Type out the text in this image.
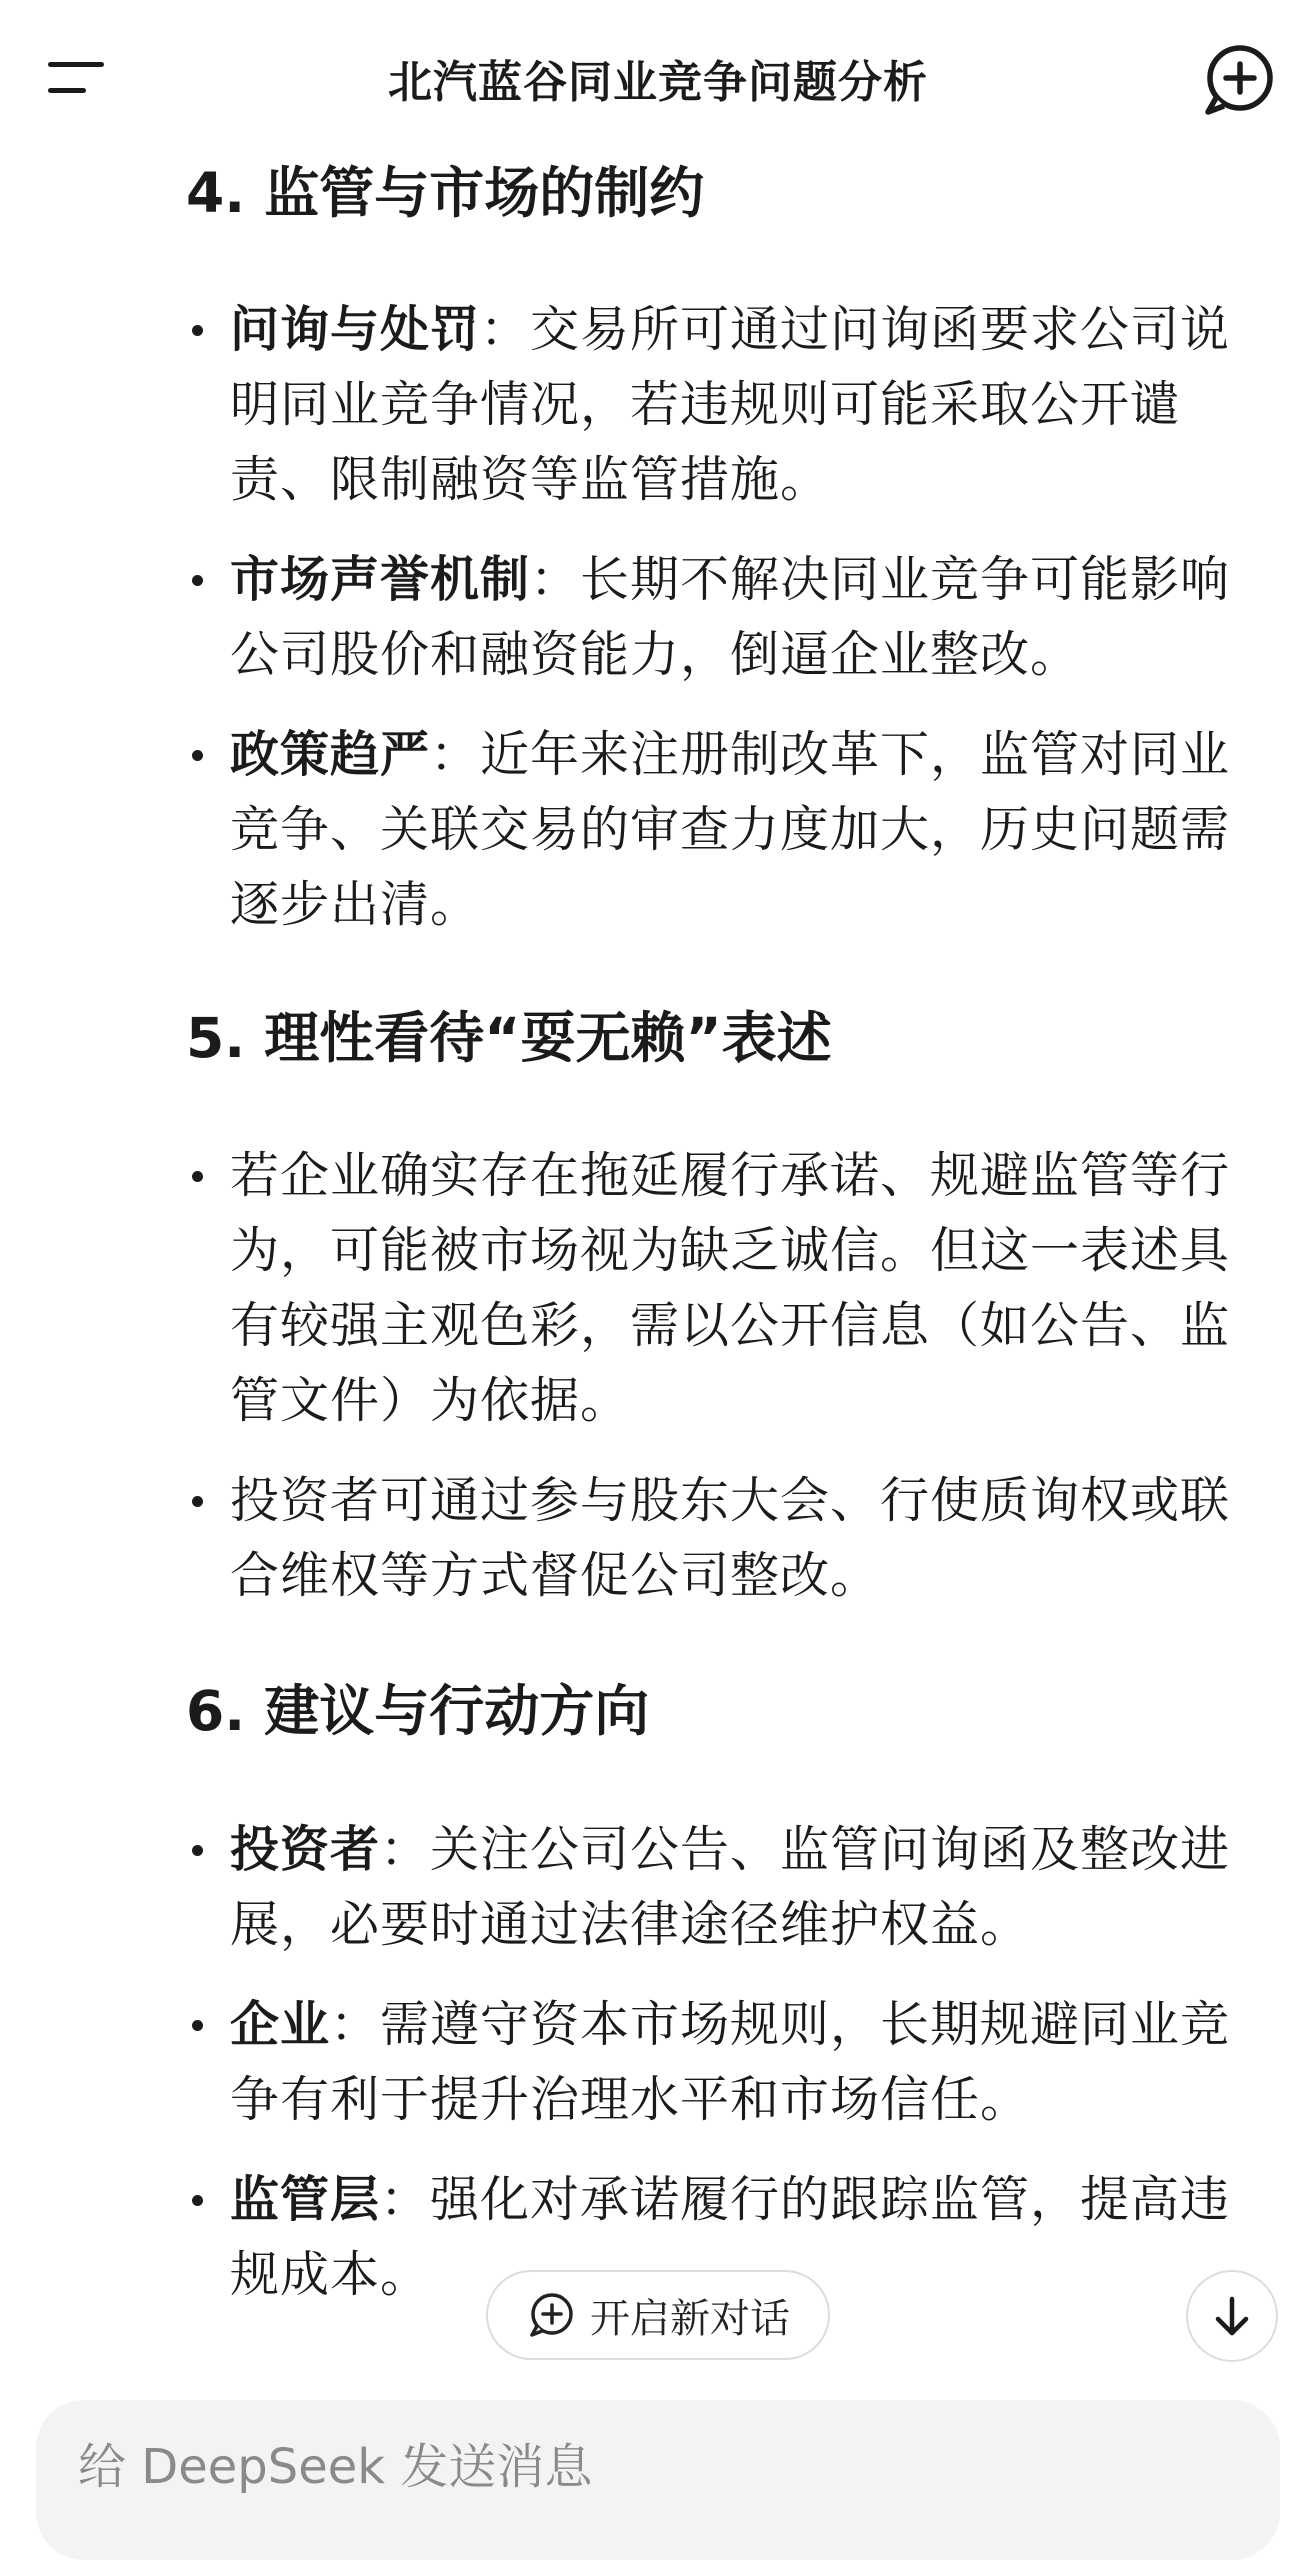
北汽蓝谷同业竞争问题分析
4. 监管与市场的制约
问询与处罚：交易所可通过问询函要求公司说明同业竞争情况，若违规则可能采取公开谴责、限制融资等监管措施。
市场声誉机制：长期不解决同业竞争可能影响公司股价和融资能力，倒逼企业整改。
政策趋严：近年来注册制改革下，监管对同业竞争、关联交易的审查力度加大，历史问题需逐步出清。
5. 理性看待“耍无赖”表述
若企业确实存在拖延履行承诺、规避监管等行为，可能被市场视为缺乏诚信。但这一表述具有较强主观色彩，需以公开信息（如公告、监管文件）为依据。
投资者可通过参与股东大会、行使质询权或联合维权等方式督促公司整改。
6. 建议与行动方向
投资者：关注公司公告、监管问询函及整改进展，必要时通过法律途径维护权益。
企业：需遵守资本市场规则，长期规避同业竞争有利于提升治理水平和市场信任。
监管层：强化对承诺履行的跟踪监管，提高违规成本。
开启新对话
给 DeepSeek 发送消息
